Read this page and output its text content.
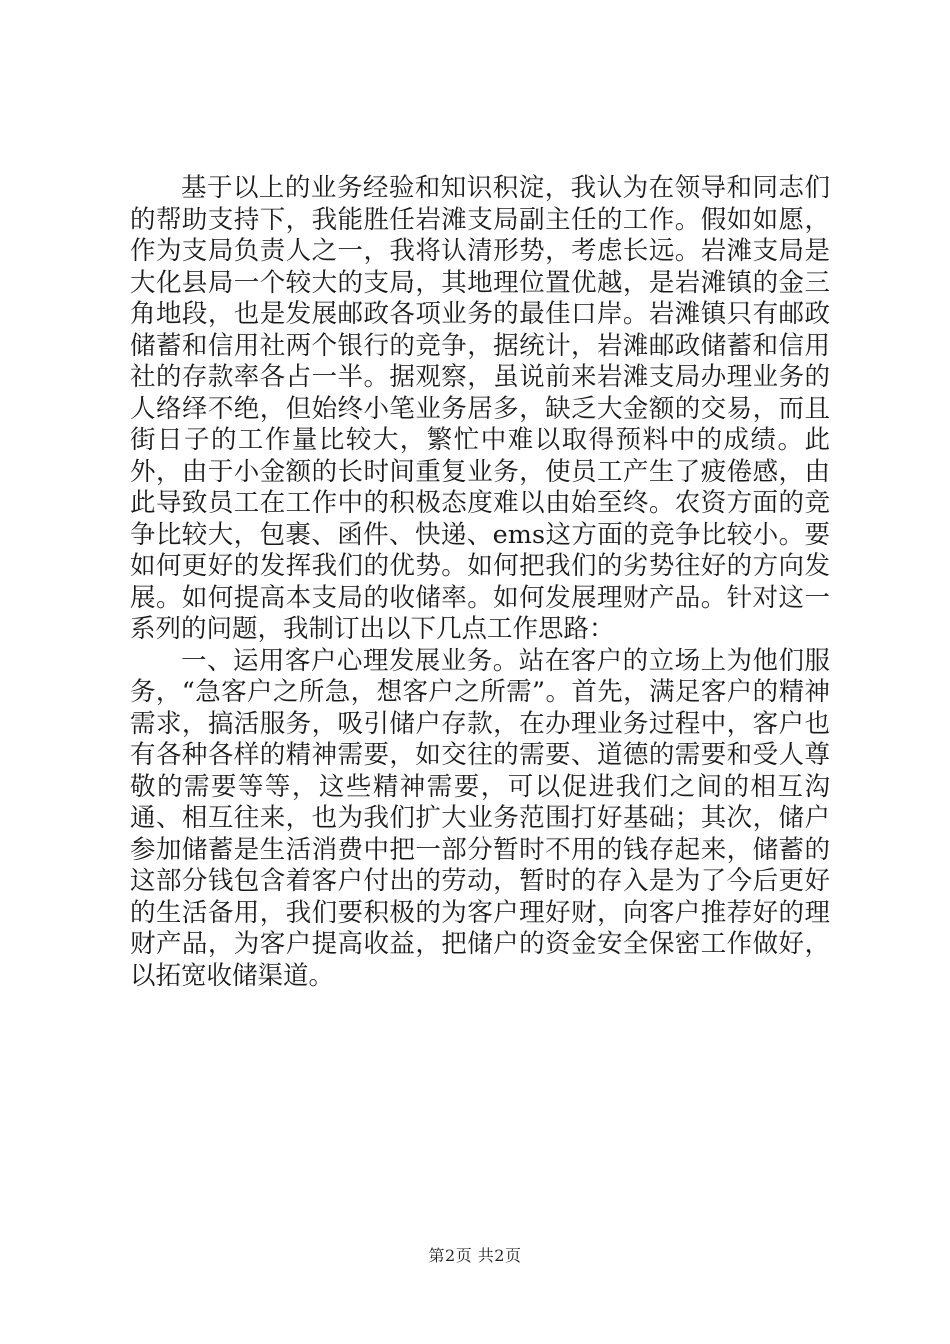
基于以上的业务经验和知识积淀，我认为在领导和同志们的帮助支持下，我能胜任岩滩支局副主任的工作。假如如愿，作为支局负责人之一，我将认清形势，考虑长远。岩滩支局是大化县局一个较大的支局，其地理位置优越，是岩滩镇的金三角地段，也是发展邮政各项业务的最佳口岸。岩滩镇只有邮政储蓄和信用社两个银行的竞争，据统计，岩滩邮政储蓄和信用社的存款率各占一半。据观察，虽说前来岩滩支局办理业务的人络绎不绝，但始终小笔业务居多，缺乏大金额的交易，而且街日子的工作量比较大，繁忙中难以取得预料中的成绩。此外，由于小金额的长时间重复业务，使员工产生了疲倦感，由此导致员工在工作中的积极态度难以由始至终。农资方面的竞争比较大，包裹、函件、快递、ems这方面的竞争比较小。要如何更好的发挥我们的优势。如何把我们的劣势往好的方向发展。如何提高本支局的收储率。如何发展理财产品。针对这一系列的问题，我制订出以下几点工作思路：

一、运用客户心理发展业务。站在客户的立场上为他们服务，“急客户之所急，想客户之所需”。首先，满足客户的精神需求，搞活服务，吸引储户存款，在办理业务过程中，客户也有各种各样的精神需要，如交往的需要、道德的需要和受人尊敬的需要等等，这些精神需要，可以促进我们之间的相互沟通、相互往来，也为我们扩大业务范围打好基础；其次，储户参加储蓄是生活消费中把一部分暂时不用的钱存起来，储蓄的这部分钱包含着客户付出的劳动，暂时的存入是为了今后更好的生活备用，我们要积极的为客户理好财，向客户推荐好的理财产品，为客户提高收益，把储户的资金安全保密工作做好，以拓宽收储渠道。

第2页 共2页
